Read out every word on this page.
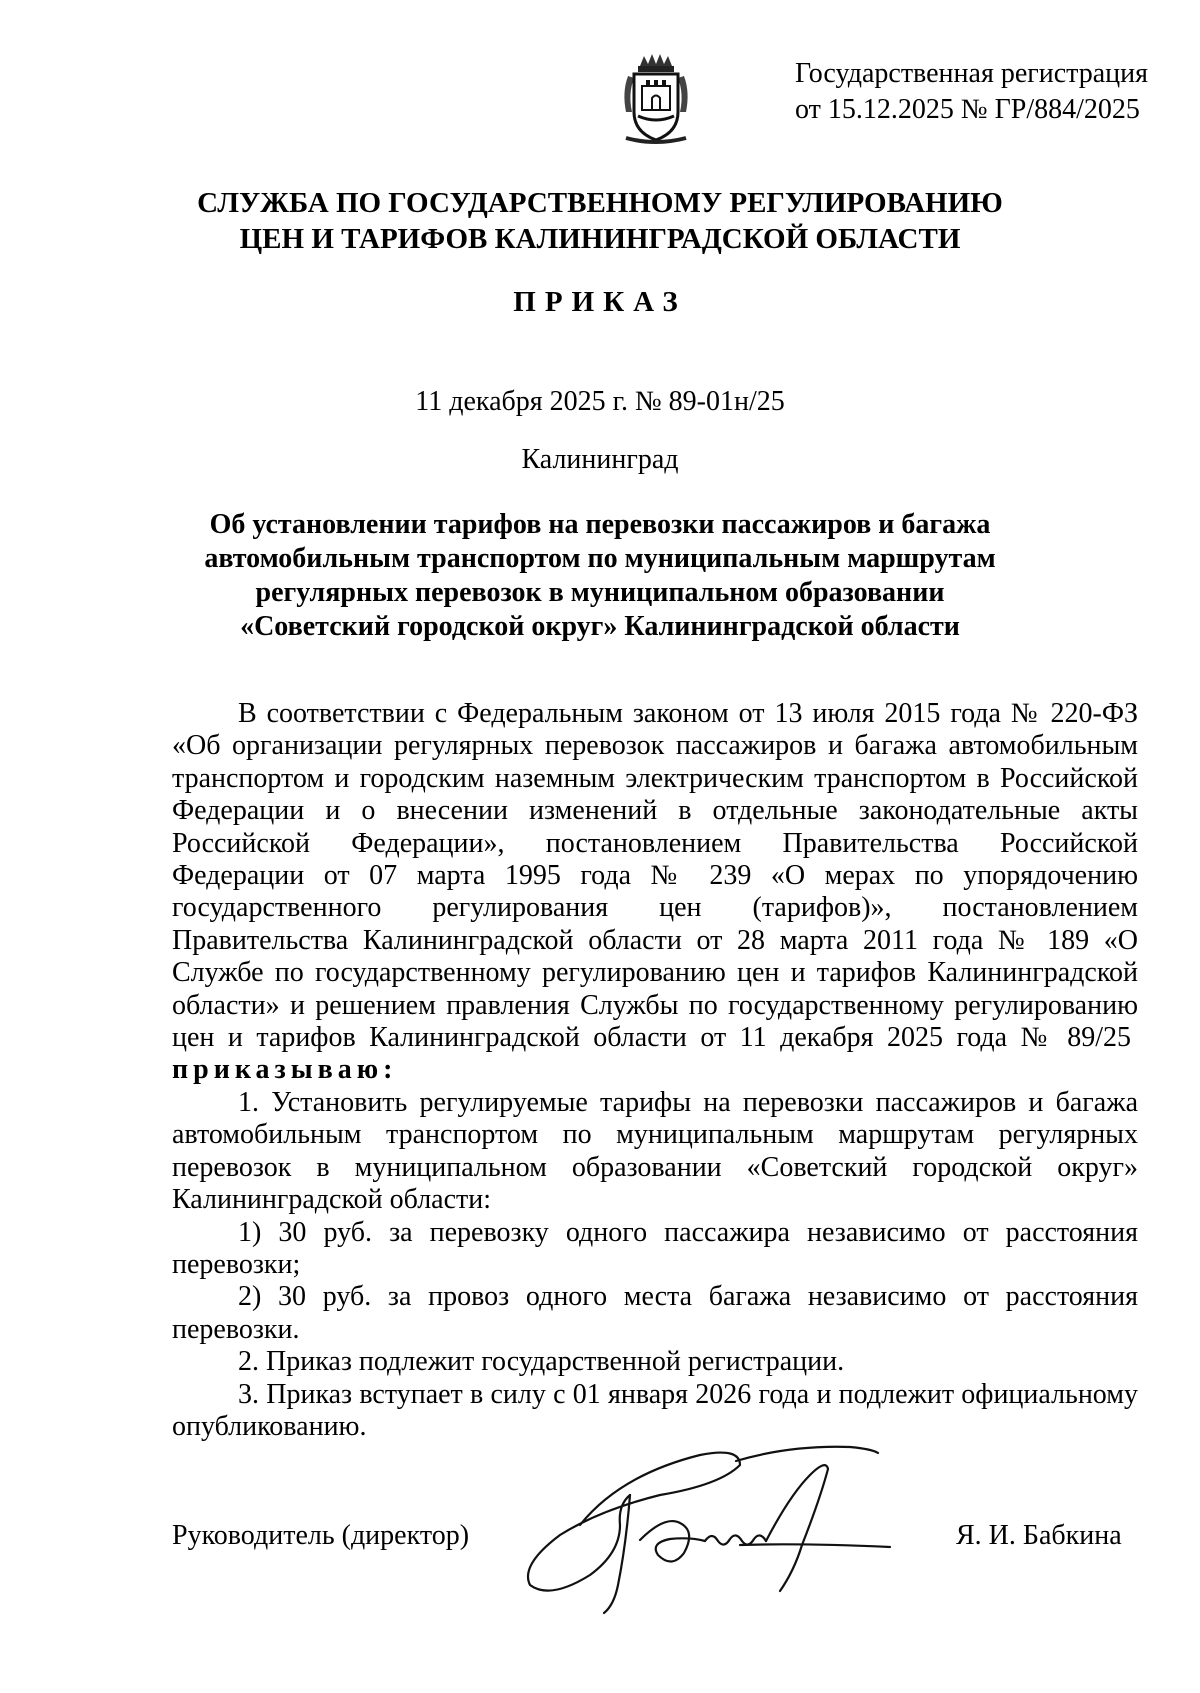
Государственная регистрация
от 15.12.2025 № ГР/884/2025
СЛУЖБА ПО ГОСУДАРСТВЕННОМУ РЕГУЛИРОВАНИЮ
ЦЕН И ТАРИФОВ КАЛИНИНГРАДСКОЙ ОБЛАСТИ
ПРИКАЗ
11 декабря 2025 г. № 89-01н/25
Калининград
Об установлении тарифов на перевозки пассажиров и багажа
автомобильным транспортом по муниципальным маршрутам
регулярных перевозок в муниципальном образовании
«Советский городской округ» Калининградской области

В соответствии с Федеральным законом от 13 июля 2015 года № 220-ФЗ «Об организации регулярных перевозок пассажиров и багажа автомобильным транспортом и городским наземным электрическим транспортом в Российской Федерации и о внесении изменений в отдельные законодательные акты Российской Федерации», постановлением Правительства Российской Федерации от 07 марта 1995 года № 239 «О мерах по упорядочению государственного регулирования цен (тарифов)», постановлением Правительства Калининградской области от 28 марта 2011 года № 189 «О Службе по государственному регулированию цен и тарифов Калининградской области» и решением правления Службы по государственному регулированию цен и тарифов Калининградской области от 11 декабря 2025 года № 89/25  приказываю:

1. Установить регулируемые тарифы на перевозки пассажиров и багажа автомобильным транспортом по муниципальным маршрутам регулярных перевозок в муниципальном образовании «Советский городской округ» Калининградской области:

1) 30 руб. за перевозку одного пассажира независимо от расстояния перевозки;

2) 30 руб. за провоз одного места багажа независимо от расстояния перевозки.

2. Приказ подлежит государственной регистрации.

3. Приказ вступает в силу с 01 января 2026 года и подлежит официальному опубликованию.

Руководитель (директор)	Я. И. Бабкина
